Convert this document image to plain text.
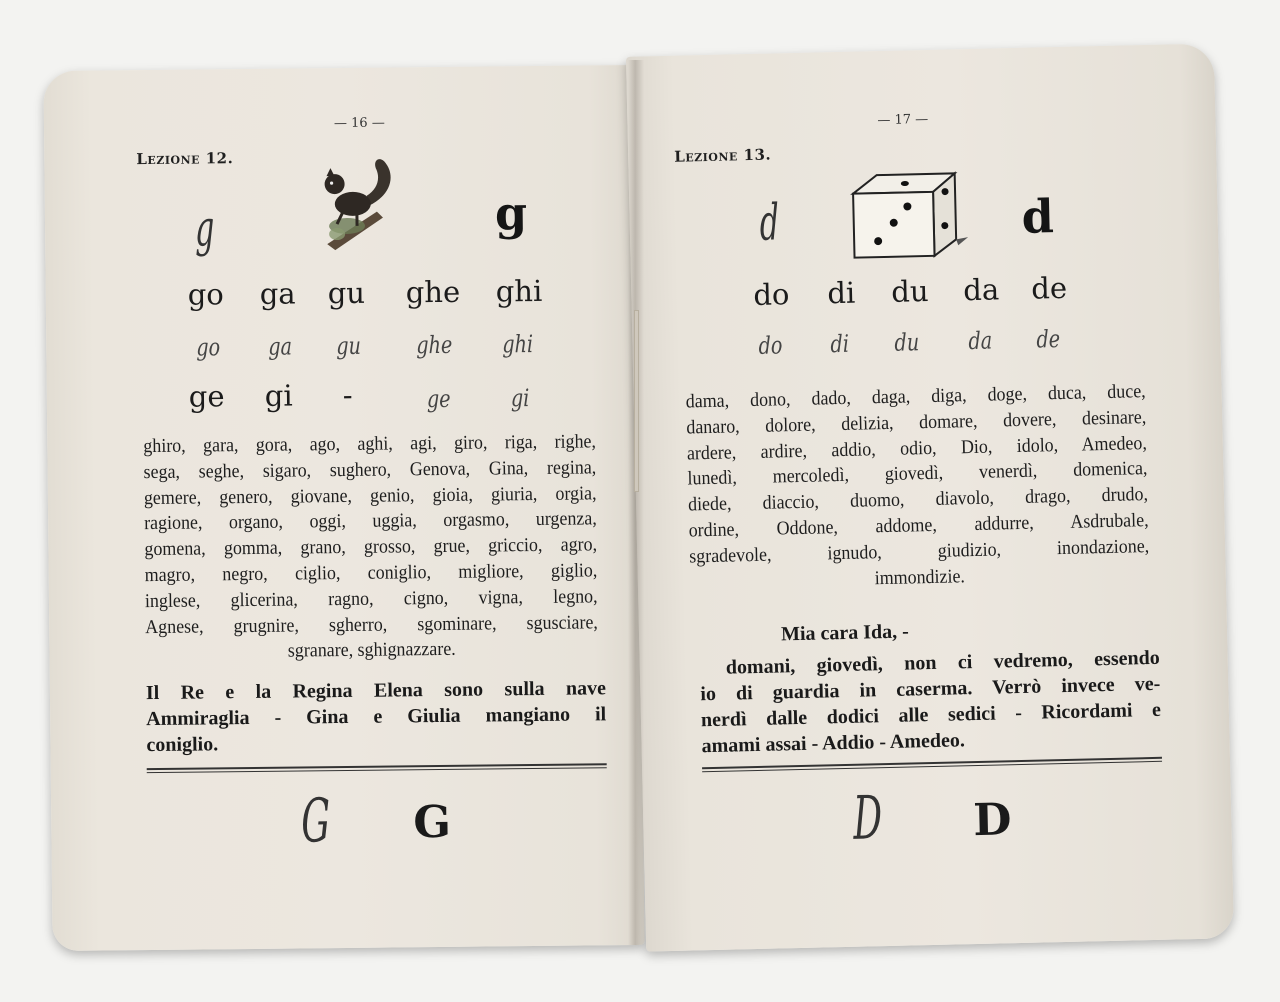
— 16 —
Lezione 12.
g	g
go ga gu ghe ghi
go ga gu ghe ghi
ge gi -	ge	gi
ghiro, gara, gora, ago, aghi, agi, giro, riga, righe,
sega, seghe, sigaro, sughero, Genova, Gina, regina,
gemere, genero, giovane, genio, gioia, giuria, orgia,
ragione, organo, oggi, uggia, orgasmo, urgenza,
gomena, gomma, grano, grosso, grue, griccio, agro,
magro, negro, ciglio, coniglio, migliore, giglio,
inglese, glicerina, ragno, cigno, vigna, legno,
Agnese, grugnire, sgherro, sgominare, sgusciare,
sgranare, sghignazzare.
Il Re e la Regina Elena sono sulla nave
Ammiraglia - Gina e Giulia mangiano il
coniglio.
G G
— 17 —
Lezione 13.
d	d
do di du da de
do di du da de
dama, dono, dado, daga, diga, doge, duca, duce,
danaro, dolore, delizia, domare, dovere, desinare,
ardere, ardire, addio, odio, Dio, idolo, Amedeo,
lunedì, mercoledì, giovedì, venerdì, domenica,
diede, diaccio, duomo, diavolo, drago, drudo,
ordine, Oddone, addome, addurre, Asdrubale,
sgradevole, ignudo, giudizio, inondazione,
immondizie.
Mia cara Ida, -
domani, giovedì, non ci vedremo, essendo
io di guardia in caserma. Verrò invece ve-
nerdì dalle dodici alle sedici - Ricordami e
amami assai - Addio - Amedeo.
D D
